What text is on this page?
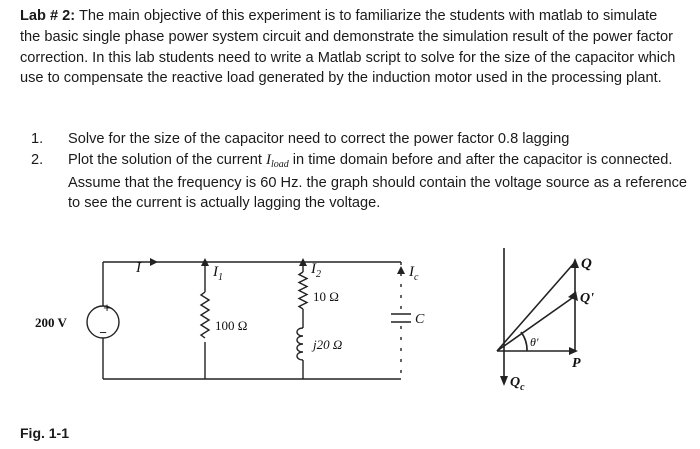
Lab # 2: The main objective of this experiment is to familiarize the students with matlab to simulate the basic single phase power system circuit and demonstrate the simulation result of the power factor correction. In this lab students need to write a Matlab script to solve for the size of the capacitor which use to compensate the reactive load generated by the induction motor used in the processing plant.

1. Solve for the size of the capacitor need to correct the power factor 0.8 lagging
2. Plot the solution of the current $I_{load}$ in time domain before and after the capacitor is connected. Assume that the frequency is 60 Hz. the graph should contain the voltage source as a reference to see the current is actually lagging the voltage.
+
−
200 V	100 Ω
10 Ω
j20 Ω
C
I	$I_1$
$I_2$	$I_c$
Q
Q'
P
θ'
$Q_c$
Fig. 1-1
